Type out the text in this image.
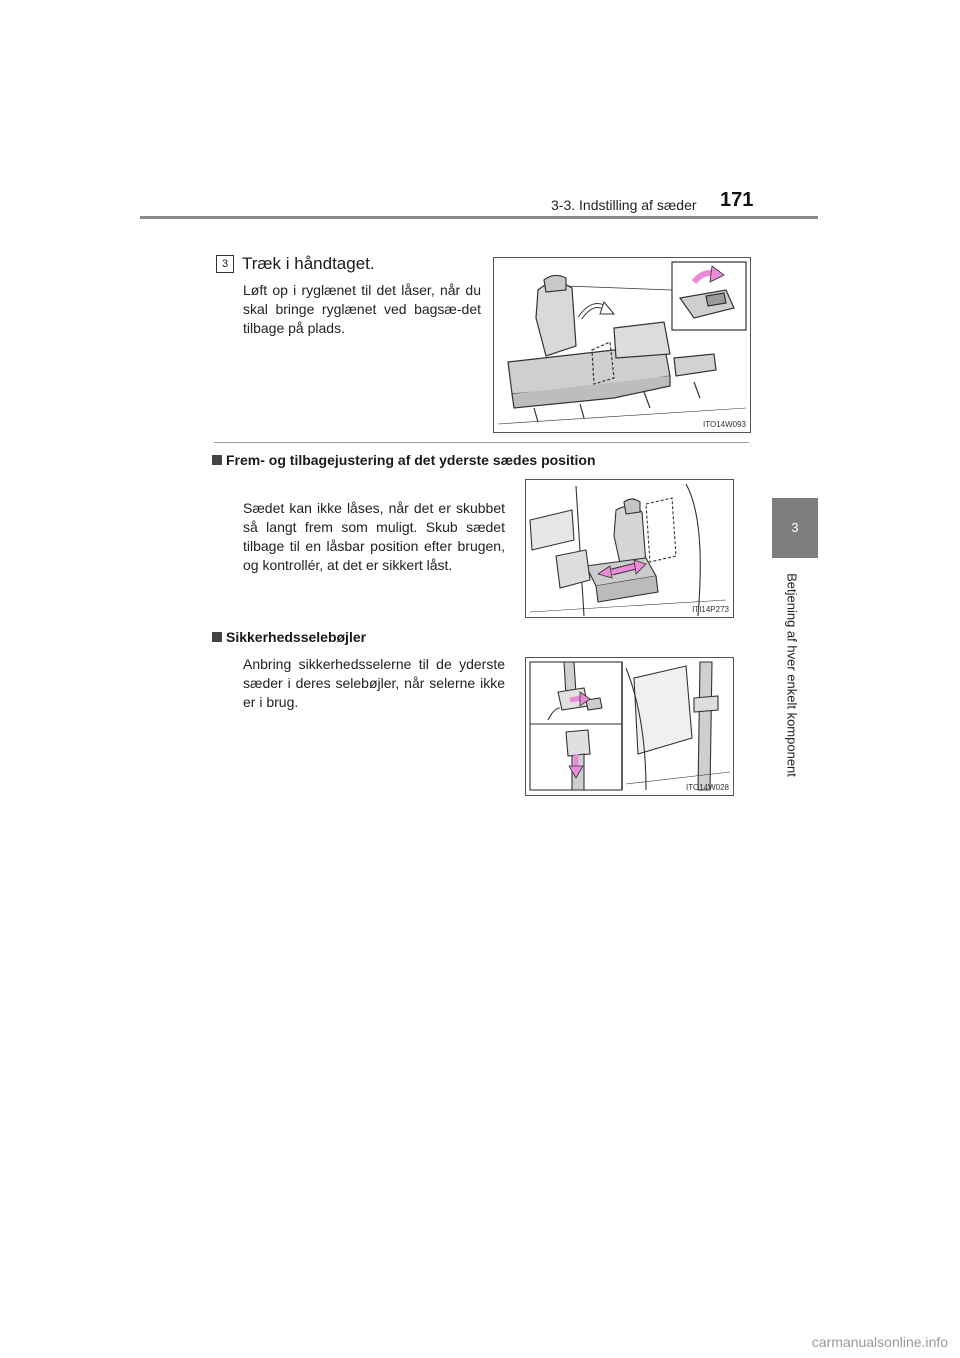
3-3. Indstilling af sæder 171
3
Betjening af hver enkelt komponent
3 Træk i håndtaget.
Løft op i ryglænet til det låser, når du skal bringe ryglænet ved bagsæ-det tilbage på plads.
ITO14W093
Frem- og tilbagejustering af det yderste sædes position
Sædet kan ikke låses, når det er skubbet så langt frem som muligt. Skub sædet tilbage til en låsbar position efter brugen, og kontrollér, at det er sikkert låst.
ITI14P273
Sikkerhedsselebøjler
Anbring sikkerhedsselerne til de yderste sæder i deres selebøjler, når selerne ikke er i brug.
ITO14W028
carmanualsonline.info
